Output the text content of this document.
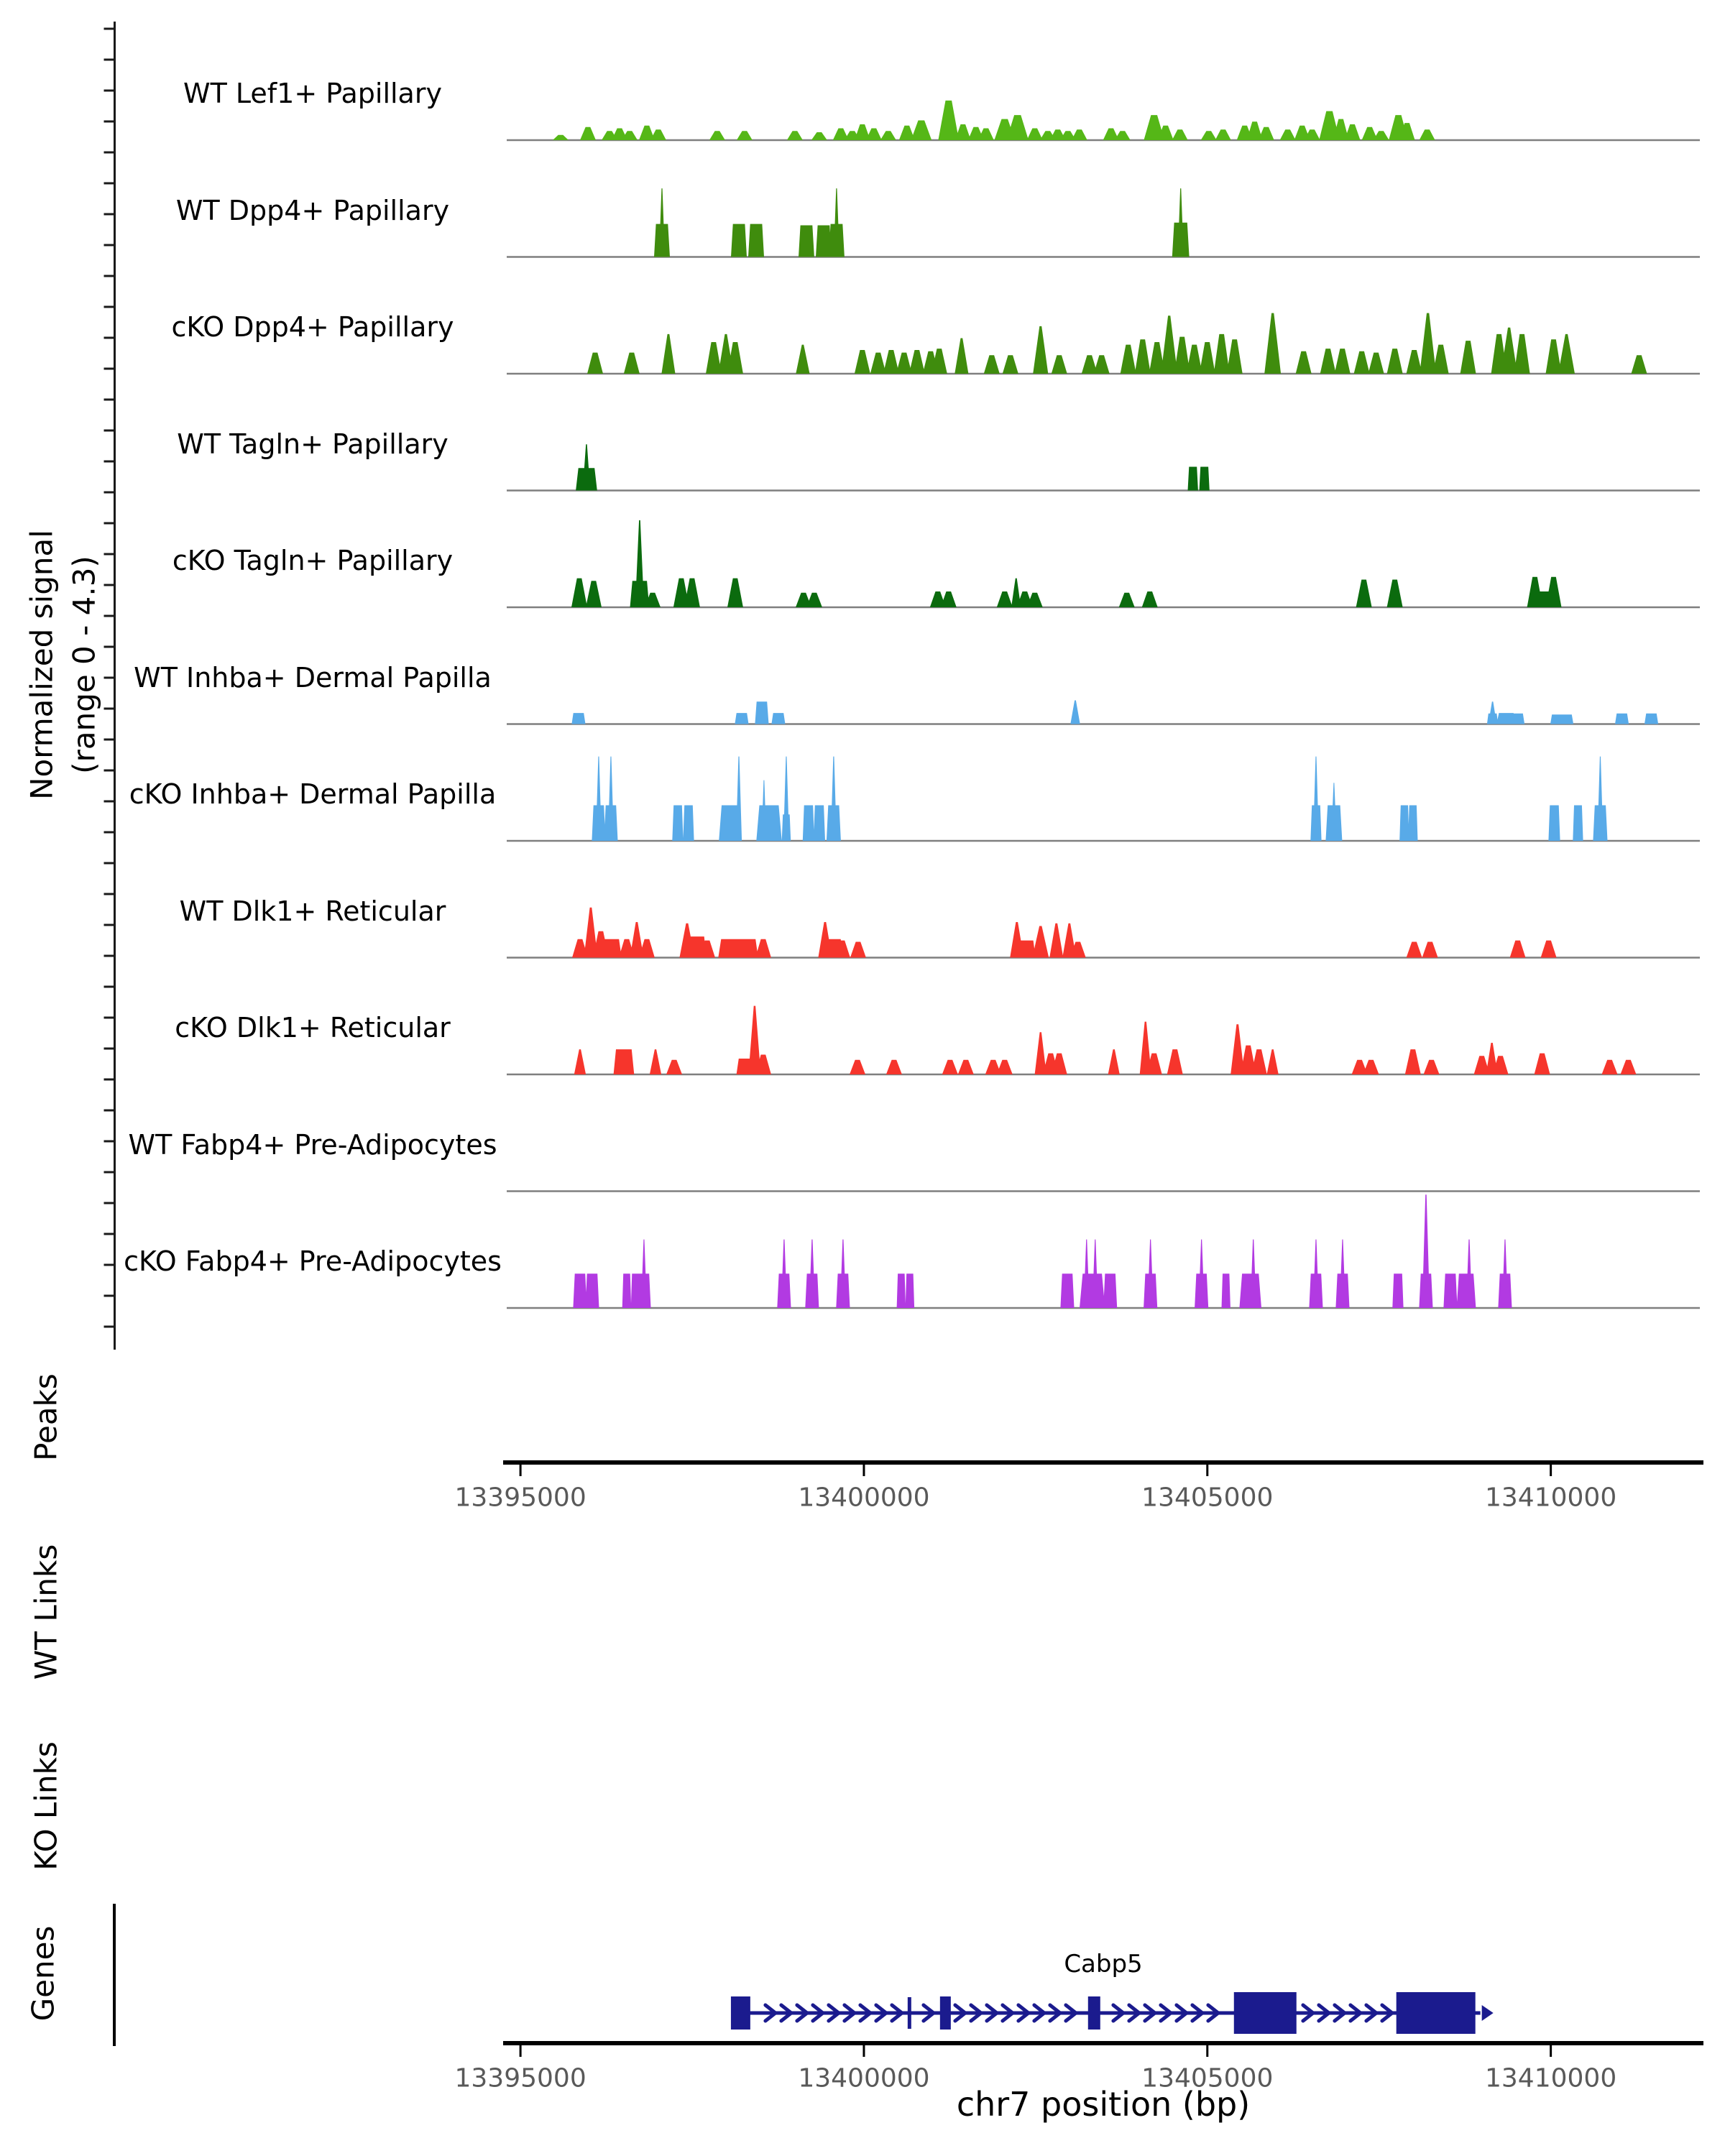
Normalized signal (range 0 - 4.3)
Peaks
WT Links
KO Links
Genes	Cabp5
chr7 position (bp)
WT Lef1+ Papillary
WT Dpp4+ Papillary
cKO Dpp4+ Papillary
WT Tagln+ Papillary
cKO Tagln+ Papillary
WT Inhba+ Dermal Papilla
cKO Inhba+ Dermal Papilla
WT Dlk1+ Reticular
cKO Dlk1+ Reticular
WT Fabp4+ Pre-Adipocytes
cKO Fabp4+ Pre-Adipocytes
13395000	13400000	13405000	13410000
13395000	13400000	13405000	13410000
